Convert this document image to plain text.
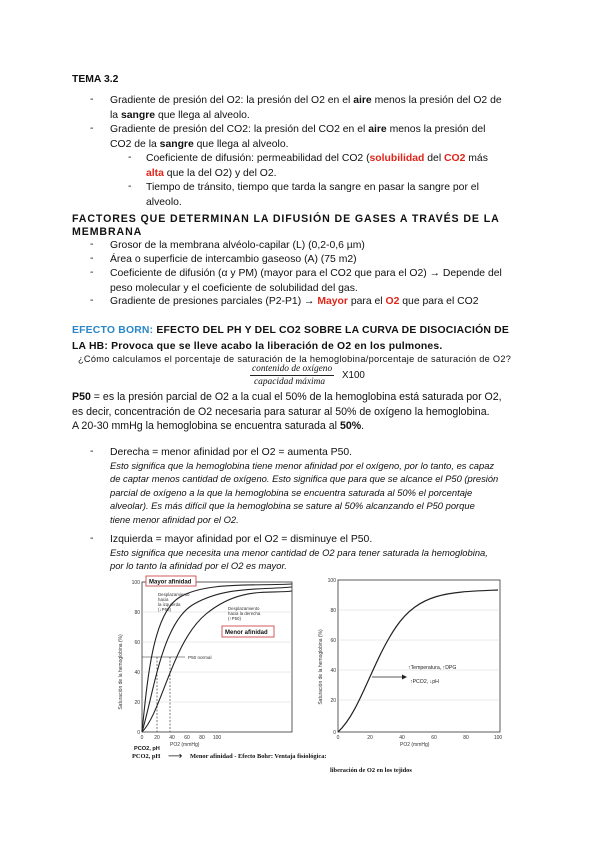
TEMA 3.2
-	Gradiente de presión del O2: la presión del O2 en el aire menos la presión del O2 de
la sangre que llega al alveolo.
-	Gradiente de presión del CO2: la presión del CO2 en el aire menos la presión del
CO2 de la sangre que llega al alveolo.
-	Coeficiente de difusión: permeabilidad del CO2 (solubilidad del CO2 más
alta que la del O2) y del O2.
-	Tiempo de tránsito, tiempo que tarda la sangre en pasar la sangre por el
alveolo.
FACTORES QUE DETERMINAN LA DIFUSIÓN DE GASES A TRAVÉS DE LA
MEMBRANA
-	Grosor de la membrana alvéolo-capilar (L) (0,2-0,6 µm)
-	Área o superficie de intercambio gaseoso (A) (75 m2)
-	Coeficiente de difusión (α y PM) (mayor para el CO2 que para el O2) → Depende del
peso molecular y el coeficiente de solubilidad del gas.
-	Gradiente de presiones parciales (P2-P1) → Mayor para el O2 que para el CO2
EFECTO BORN: EFECTO DEL PH Y DEL CO2 SOBRE LA CURVA DE DISOCIACIÓN DE
LA HB: Provoca que se lleve acabo la liberación de O2 en los pulmones.
¿Cómo calculamos el porcentaje de saturación de la hemoglobina/porcentaje de saturación de O2?
contenido de oxígeno
capacidad máxima
X100
P50 = es la presión parcial de O2 a la cual el 50% de la hemoglobina está saturada por O2,
es decir, concentración de O2 necesaria para saturar al 50% de oxígeno la hemoglobina.
A 20-30 mmHg la hemoglobina se encuentra saturada al 50%.
-	Derecha = menor afinidad por el O2 = aumenta P50.
Esto significa que la hemoglobina tiene menor afinidad por el oxígeno, por lo tanto, es capaz
de captar menos cantidad de oxígeno. Esto significa que para que se alcance el P50 (presión
parcial de oxígeno a la que la hemoglobina se encuentra saturada al 50% el porcentaje
alveolar). Es más difícil que la hemoglobina se sature al 50% alcanzando el P50 porque
tiene menor afinidad por el O2.
-	Izquierda = mayor afinidad por el O2 = disminuye el P50.
Esto significa que necesita una menor cantidad de O2 para tener saturada la hemoglobina,
por lo tanto la afinidad por el O2 es mayor.
Saturación de la hemoglobina (%)
100
80
60
40
20
0
0 20 40 60 80 100
PO2 (mmHg)
Mayor afinidad
Desplazamiento hacia la izquierda (↓P50)	Desplazamiento hacia la derecha (↑P50)
Menor afinidad
P50 normal	Saturación de la hemoglobina (%)
100
80
60
40
20
0
0	20	40	60	80	100
PO2 (mmHg)
↑Temperatura, ↑DPG
↑PCO2, ↓pH
PCO2, pH
PCO2, pH ⟶ Menor afinidad - Efecto Bohr: Ventaja fisiológica:
liberación de O2 en los tejidos
